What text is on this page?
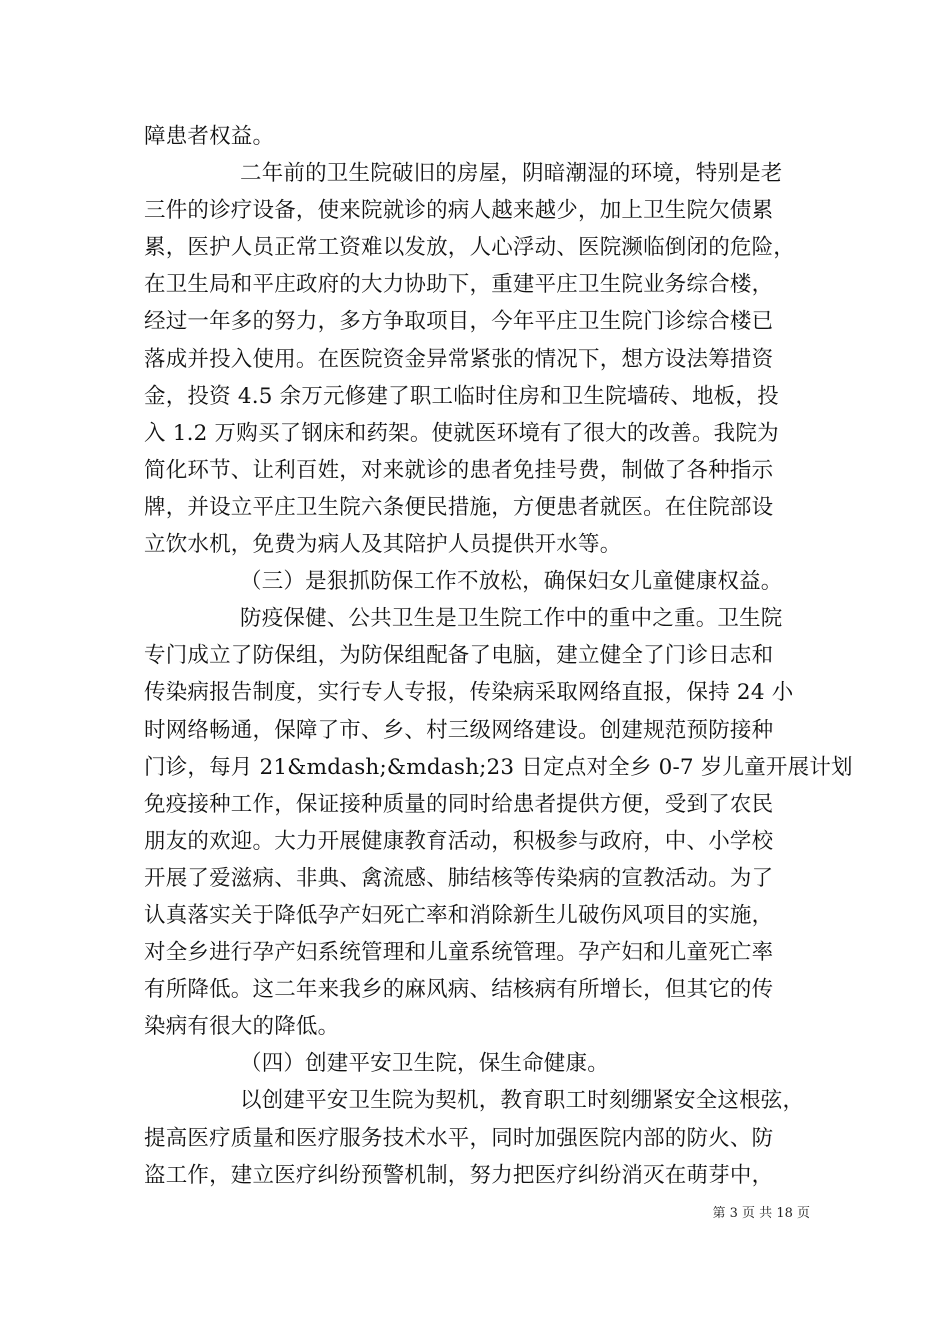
障患者权益。
二年前的卫生院破旧的房屋，阴暗潮湿的环境，特别是老
三件的诊疗设备，使来院就诊的病人越来越少，加上卫生院欠债累
累，医护人员正常工资难以发放，人心浮动、医院濒临倒闭的危险，
在卫生局和平庄政府的大力协助下，重建平庄卫生院业务综合楼，
经过一年多的努力，多方争取项目，今年平庄卫生院门诊综合楼已
落成并投入使用。在医院资金异常紧张的情况下，想方设法筹措资
金，投资 4.5 余万元修建了职工临时住房和卫生院墙砖、地板，投
入 1.2 万购买了钢床和药架。使就医环境有了很大的改善。我院为
简化环节、让利百姓，对来就诊的患者免挂号费，制做了各种指示
牌，并设立平庄卫生院六条便民措施，方便患者就医。在住院部设
立饮水机，免费为病人及其陪护人员提供开水等。
（三）是狠抓防保工作不放松，确保妇女儿童健康权益。
防疫保健、公共卫生是卫生院工作中的重中之重。卫生院
专门成立了防保组，为防保组配备了电脑，建立健全了门诊日志和
传染病报告制度，实行专人专报，传染病采取网络直报，保持 24 小
时网络畅通，保障了市、乡、村三级网络建设。创建规范预防接种
门诊，每月 21&mdash;&mdash;23 日定点对全乡 0-7 岁儿童开展计划
免疫接种工作，保证接种质量的同时给患者提供方便，受到了农民
朋友的欢迎。大力开展健康教育活动，积极参与政府，中、小学校
开展了爱滋病、非典、禽流感、肺结核等传染病的宣教活动。为了
认真落实关于降低孕产妇死亡率和消除新生儿破伤风项目的实施，
对全乡进行孕产妇系统管理和儿童系统管理。孕产妇和儿童死亡率
有所降低。这二年来我乡的麻风病、结核病有所增长，但其它的传
染病有很大的降低。
（四）创建平安卫生院，保生命健康。
以创建平安卫生院为契机，教育职工时刻绷紧安全这根弦，
提高医疗质量和医疗服务技术水平，同时加强医院内部的防火、防
盗工作，建立医疗纠纷预警机制，努力把医疗纠纷消灭在萌芽中，
第 3 页 共 18 页
